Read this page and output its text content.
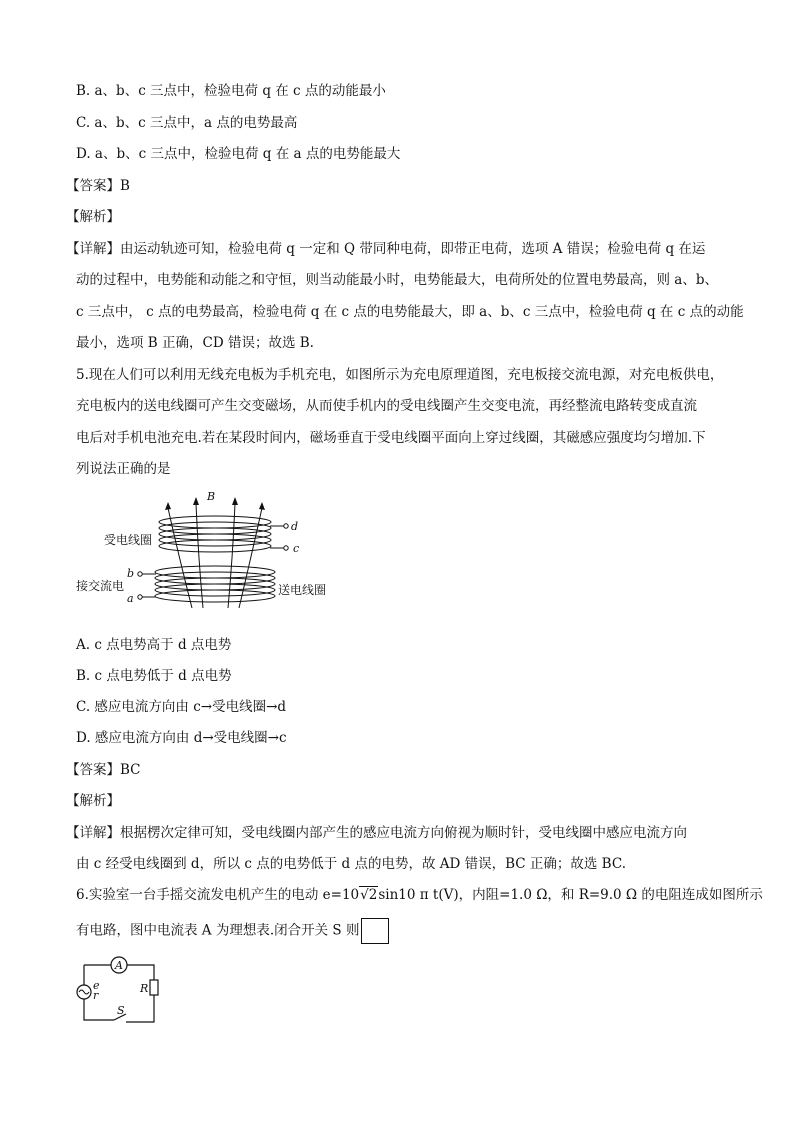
B. a、b、c 三点中，检验电荷 q 在 c 点的动能最小
C. a、b、c 三点中，a 点的电势最高
D. a、b、c 三点中，检验电荷 q 在 a 点的电势能最大
【答案】B
【解析】
【详解】由运动轨迹可知，检验电荷 q 一定和 Q 带同种电荷，即带正电荷，选项 A 错误；检验电荷 q 在运
动的过程中，电势能和动能之和守恒，则当动能最小时，电势能最大，电荷所处的位置电势最高，则 a、b、
c 三点中， c 点的电势最高，检验电荷 q 在 c 点的电势能最大，即 a、b、c 三点中，检验电荷 q 在 c 点的动能
最小，选项 B 正确，CD 错误；故选 B.
5.现在人们可以利用无线充电板为手机充电，如图所示为充电原理道图，充电板接交流电源，对充电板供电，
充电板内的送电线圈可产生交变磁场，从而使手机内的受电线圈产生交变电流，再经整流电路转变成直流
电后对手机电池充电.若在某段时间内，磁场垂直于受电线圈平面向上穿过线圈，其磁感应强度均匀增加.下
列说法正确的是
B
d
c
受电线圈
b
a
接交流电	送电线圈
A. c 点电势高于 d 点电势
B. c 点电势低于 d 点电势
C. 感应电流方向由 c→受电线圈→d
D. 感应电流方向由 d→受电线圈→c
【答案】BC
【解析】
【详解】根据楞次定律可知，受电线圈内部产生的感应电流方向俯视为顺时针，受电线圈中感应电流方向
由 c 经受电线圈到 d，所以 c 点的电势低于 d 点的电势，故 AD 错误，BC 正确；故选 BC.
6.实验室一台手摇交流发电机产生的电动 e=10√2sin10 π t(V)，内阻=1.0 Ω，和 R=9.0 Ω 的电阻连成如图所示
有电路，图中电流表 A 为理想表.闭合开关 S 则
A
e
r
R
S
